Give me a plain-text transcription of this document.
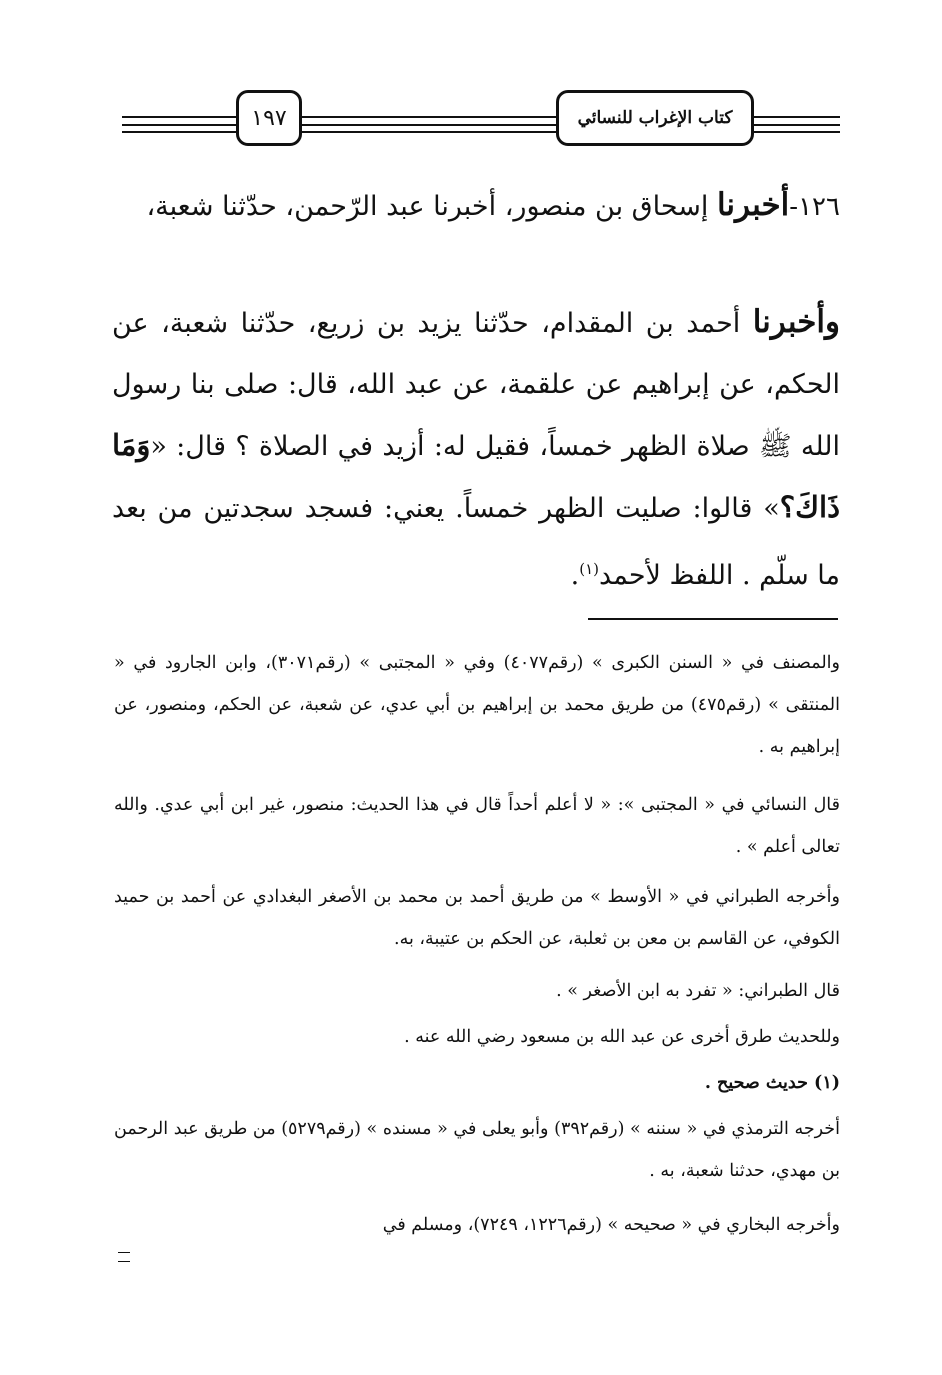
كتاب الإغراب للنسائي
١٩٧
١٢٦-أخبرنا إسحاق بن منصور، أخبرنا عبد الرّحمن، حدّثنا شعبة،
وأخبرنا أحمد بن المقدام، حدّثنا يزيد بن زريع، حدّثنا شعبة، عن الحكم، عن إبراهيم عن علقمة، عن عبد الله، قال: صلى بنا رسول الله ﷺ صلاة الظهر خمساً، فقيل له: أزيد في الصلاة ؟ قال: «وَمَا ذَاكَ؟» قالوا: صليت الظهر خمساً. يعني: فسجد سجدتين من بعد ما سلّم . اللفظ لأحمد$^{(١)}$.

والمصنف في « السنن الكبرى » (رقم٤٠٧٧) وفي « المجتبى » (رقم٣٠٧١)، وابن الجارود في « المنتقى » (رقم٤٧٥) من طريق محمد بن إبراهيم بن أبي عدي، عن شعبة، عن الحكم، ومنصور، عن إبراهيم به .

قال النسائي في « المجتبى »: « لا أعلم أحداً قال في هذا الحديث: منصور، غير ابن أبي عدي. والله تعالى أعلم » .

وأخرجه الطبراني في « الأوسط » من طريق أحمد بن محمد بن الأصغر البغدادي عن أحمد بن حميد الكوفي، عن القاسم بن معن بن ثعلبة، عن الحكم بن عتيبة، به.

قال الطبراني: « تفرد به ابن الأصغر » .

وللحديث طرق أخرى عن عبد الله بن مسعود رضي الله عنه .

(١) حديث صحيح .

أخرجه الترمذي في « سننه » (رقم٣٩٢) وأبو يعلى في « مسنده » (رقم٥٢٧٩) من طريق عبد الرحمن بن مهدي، حدثنا شعبة، به .

وأخرجه البخاري في « صحيحه » (رقم١٢٢٦، ٧٢٤٩)، ومسلم في
